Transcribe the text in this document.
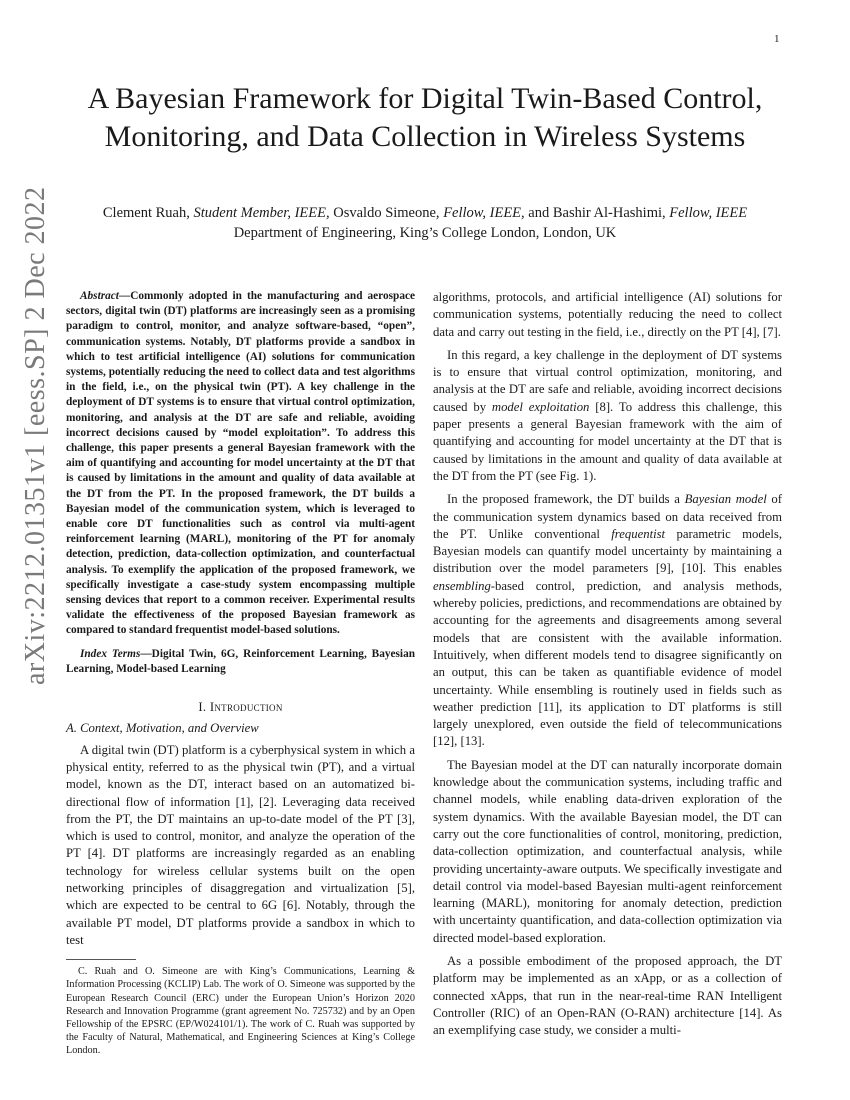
1
arXiv:2212.01351v1 [eess.SP] 2 Dec 2022
A Bayesian Framework for Digital Twin-Based Control, Monitoring, and Data Collection in Wireless Systems
Clement Ruah, Student Member, IEEE, Osvaldo Simeone, Fellow, IEEE, and Bashir Al-Hashimi, Fellow, IEEE
Department of Engineering, King’s College London, London, UK

Abstract—Commonly adopted in the manufacturing and aerospace sectors, digital twin (DT) platforms are increasingly seen as a promising paradigm to control, monitor, and analyze software-based, “open”, communication systems. Notably, DT platforms provide a sandbox in which to test artificial intelligence (AI) solutions for communication systems, potentially reducing the need to collect data and test algorithms in the field, i.e., on the physical twin (PT). A key challenge in the deployment of DT systems is to ensure that virtual control optimization, monitoring, and analysis at the DT are safe and reliable, avoiding incorrect decisions caused by “model exploitation”. To address this challenge, this paper presents a general Bayesian framework with the aim of quantifying and accounting for model uncertainty at the DT that is caused by limitations in the amount and quality of data available at the DT from the PT. In the proposed framework, the DT builds a Bayesian model of the communication system, which is leveraged to enable core DT functionalities such as control via multi-agent reinforcement learning (MARL), monitoring of the PT for anomaly detection, prediction, data-collection optimization, and counterfactual analysis. To exemplify the application of the proposed framework, we specifically investigate a case-study system encompassing multiple sensing devices that report to a common receiver. Experimental results validate the effectiveness of the proposed Bayesian framework as compared to standard frequentist model-based solutions.

Index Terms—Digital Twin, 6G, Reinforcement Learning, Bayesian Learning, Model-based Learning

I. Introduction
A. Context, Motivation, and Overview

A digital twin (DT) platform is a cyberphysical system in which a physical entity, referred to as the physical twin (PT), and a virtual model, known as the DT, interact based on an automatized bi-directional flow of information [1], [2]. Leveraging data received from the PT, the DT maintains an up-to-date model of the PT [3], which is used to control, monitor, and analyze the operation of the PT [4]. DT platforms are increasingly regarded as an enabling technology for wireless cellular systems built on the open networking principles of disaggregation and virtualization [5], which are expected to be central to 6G [6]. Notably, through the available PT model, DT platforms provide a sandbox in which to test

C. Ruah and O. Simeone are with King’s Communications, Learning & Information Processing (KCLIP) Lab. The work of O. Simeone was supported by the European Research Council (ERC) under the European Union’s Horizon 2020 Research and Innovation Programme (grant agreement No. 725732) and by an Open Fellowship of the EPSRC (EP/W024101/1). The work of C. Ruah was supported by the Faculty of Natural, Mathematical, and Engineering Sciences at King’s College London.

algorithms, protocols, and artificial intelligence (AI) solutions for communication systems, potentially reducing the need to collect data and carry out testing in the field, i.e., directly on the PT [4], [7].

In this regard, a key challenge in the deployment of DT systems is to ensure that virtual control optimization, monitoring, and analysis at the DT are safe and reliable, avoiding incorrect decisions caused by model exploitation [8]. To address this challenge, this paper presents a general Bayesian framework with the aim of quantifying and accounting for model uncertainty at the DT that is caused by limitations in the amount and quality of data available at the DT from the PT (see Fig. 1).

In the proposed framework, the DT builds a Bayesian model of the communication system dynamics based on data received from the PT. Unlike conventional frequentist parametric models, Bayesian models can quantify model uncertainty by maintaining a distribution over the model parameters [9], [10]. This enables ensembling-based control, prediction, and analysis methods, whereby policies, predictions, and recommendations are obtained by accounting for the agreements and disagreements among several models that are consistent with the available information. Intuitively, when different models tend to disagree significantly on an output, this can be taken as quantifiable evidence of model uncertainty. While ensembling is routinely used in fields such as weather prediction [11], its application to DT platforms is still largely unexplored, even outside the field of telecommunications [12], [13].

The Bayesian model at the DT can naturally incorporate domain knowledge about the communication systems, including traffic and channel models, while enabling data-driven exploration of the system dynamics. With the available Bayesian model, the DT can carry out the core functionalities of control, monitoring, prediction, data-collection optimization, and counterfactual analysis, while providing uncertainty-aware outputs. We specifically investigate and detail control via model-based Bayesian multi-agent reinforcement learning (MARL), monitoring for anomaly detection, prediction with uncertainty quantification, and data-collection optimization via directed model-based exploration.

As a possible embodiment of the proposed approach, the DT platform may be implemented as an xApp, or as a collection of connected xApps, that run in the near-real-time RAN Intelligent Controller (RIC) of an Open-RAN (O-RAN) architecture [14]. As an exemplifying case study, we consider a multi-
